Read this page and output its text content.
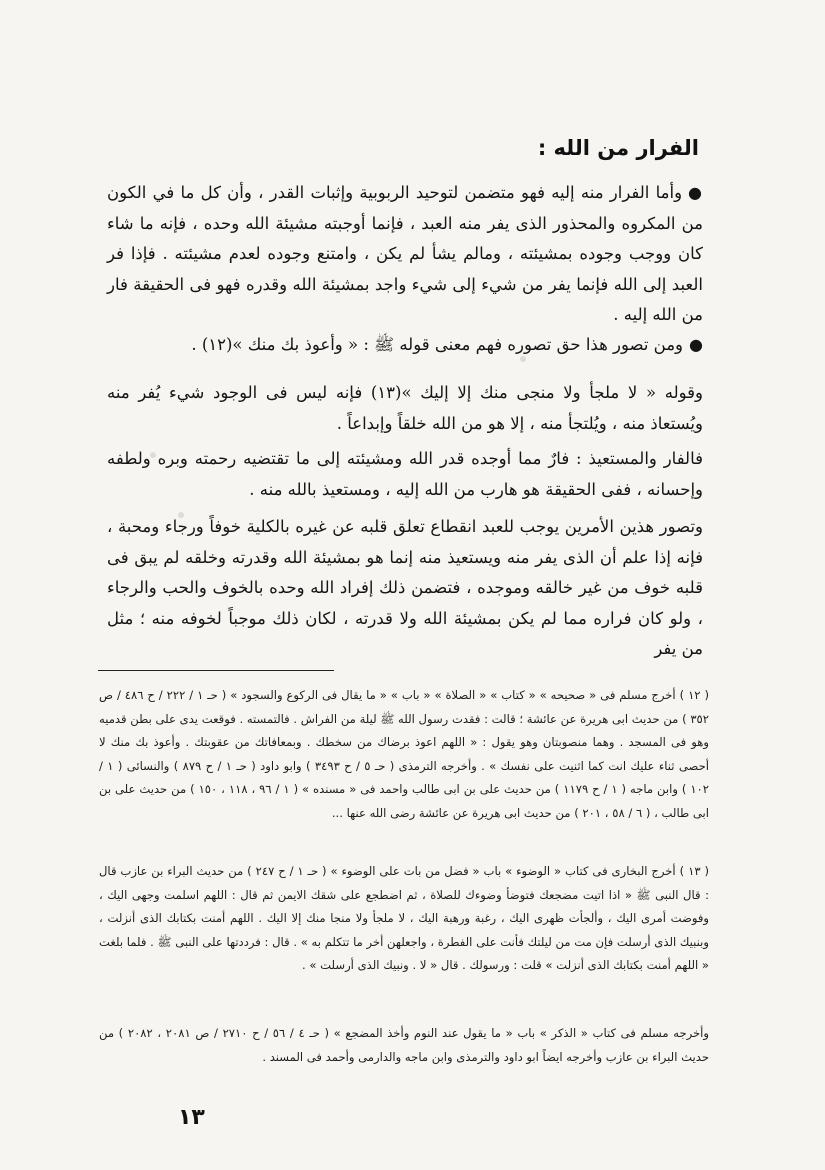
الفرار من الله :
●وأما الفرار منه إليه فهو متضمن لتوحيد الربوبية وإثبات القدر ، وأن كل ما في الكون من المكروه والمحذور الذى يفر منه العبد ، فإنما أوجبته مشيئة الله وحده ، فإنه ما شاء كان ووجب وجوده بمشيئته ، ومالم يشأ لم يكن ، وامتنع وجوده لعدم مشيئته . فإذا فر العبد إلى الله فإنما يفر من شيء إلى شيء واجد بمشيئة الله وقدره فهو فى الحقيقة فار من الله إليه .
●ومن تصور هذا حق تصوره فهم معنى قوله ﷺ : « وأعوذ بك منك »(١٢) .
وقوله « لا ملجأ ولا منجى منك إلا إليك »(١٣) فإنه ليس فى الوجود شيء يُفر منه ويُستعاذ منه ، ويُلتجأ منه ، إلا هو من الله خلقاً وإبداعاً .
فالفار والمستعيذ : فارٌ مما أوجده قدر الله ومشيئته إلى ما تقتضيه رحمته وبره ولطفه وإحسانه ، ففى الحقيقة هو هارب من الله إليه ، ومستعيذ بالله منه .
وتصور هذين الأمرين يوجب للعبد انقطاع تعلق قلبه عن غيره بالكلية خوفاً ورجاء ومحبة ، فإنه إذا علم أن الذى يفر منه ويستعيذ منه إنما هو بمشيئة الله وقدرته وخلقه لم يبق فى قلبه خوف من غير خالقه وموجده ، فتضمن ذلك إفراد الله وحده بالخوف والحب والرجاء ، ولو كان فراره مما لم يكن بمشيئة الله ولا قدرته ، لكان ذلك موجباً لخوفه منه ؛ مثل من يفر
( ١٢ )أخرج مسلم فى « صحيحه » « كتاب » « الصلاة » « باب » « ما يقال فى الركوع والسجود » ( حـ ١ / ٢٢٢ / ح ٤٨٦ / ص ٣٥٢ ) من حديث ابى هريرة عن عائشة ؛ قالت : فقدت رسول الله ﷺ ليلة من الفراش . فالتمسته . فوقعت يدى على بطن قدميه وهو فى المسجد . وهما منصوبتان وهو يقول : « اللهم اعوذ برضاك من سخطك . وبمعافاتك من عقوبتك . وأعوذ بك منك لا أحصى ثناء عليك انت كما اثنيت على نفسك » . وأخرجه الترمذى ( حـ ٥ / ح ٣٤٩٣ ) وابو داود ( حـ ١ / ح ٨٧٩ ) والنسائى ( ١ / ١٠٢ ) وابن ماجه ( ١ / ح ١١٧٩ ) من حديث على بن ابى طالب واحمد فى « مسنده » ( ١ / ٩٦ ، ١١٨ ، ١٥٠ ) من حديث على بن ابى طالب ، ( ٦ / ٥٨ ، ٢٠١ ) من حديث ابى هريرة عن عائشة رضى الله عنها ...
( ١٣ )أخرج البخارى فى كتاب « الوضوء » باب « فضل من بات على الوضوء » ( حـ ١ / ح ٢٤٧ ) من حديث البراء بن عازب قال : قال النبى ﷺ « اذا اتيت مضجعك فتوضأ وضوءك للصلاة ، ثم اضطجع على شقك الايمن ثم قال : اللهم اسلمت وجهى اليك ، وفوضت أمرى اليك ، وألجأت ظهرى اليك ، رغبة ورهبة اليك ، لا ملجأ ولا منجا منك إلا اليك . اللهم أمنت بكتابك الذى أنزلت ، وبنبيك الذى أرسلت فإن مت من ليلتك فأنت على الفطرة ، واجعلهن أخر ما تتكلم به » . قال : فرددتها على النبى ﷺ . فلما بلغت « اللهم أمنت بكتابك الذى أنزلت » قلت : ورسولك . قال « لا . ونبيك الذى أرسلت » .
وأخرجه مسلم فى كتاب « الذكر » باب « ما يقول عند النوم وأخذ المضجع » ( حـ ٤ / ٥٦ / ح ٢٧١٠ / ص ٢٠٨١ ، ٢٠٨٢ ) من حديث البراء بن عازب وأخرجه ايضاً ابو داود والترمذى وابن ماجه والدارمى وأحمد فى المسند .
١٣
